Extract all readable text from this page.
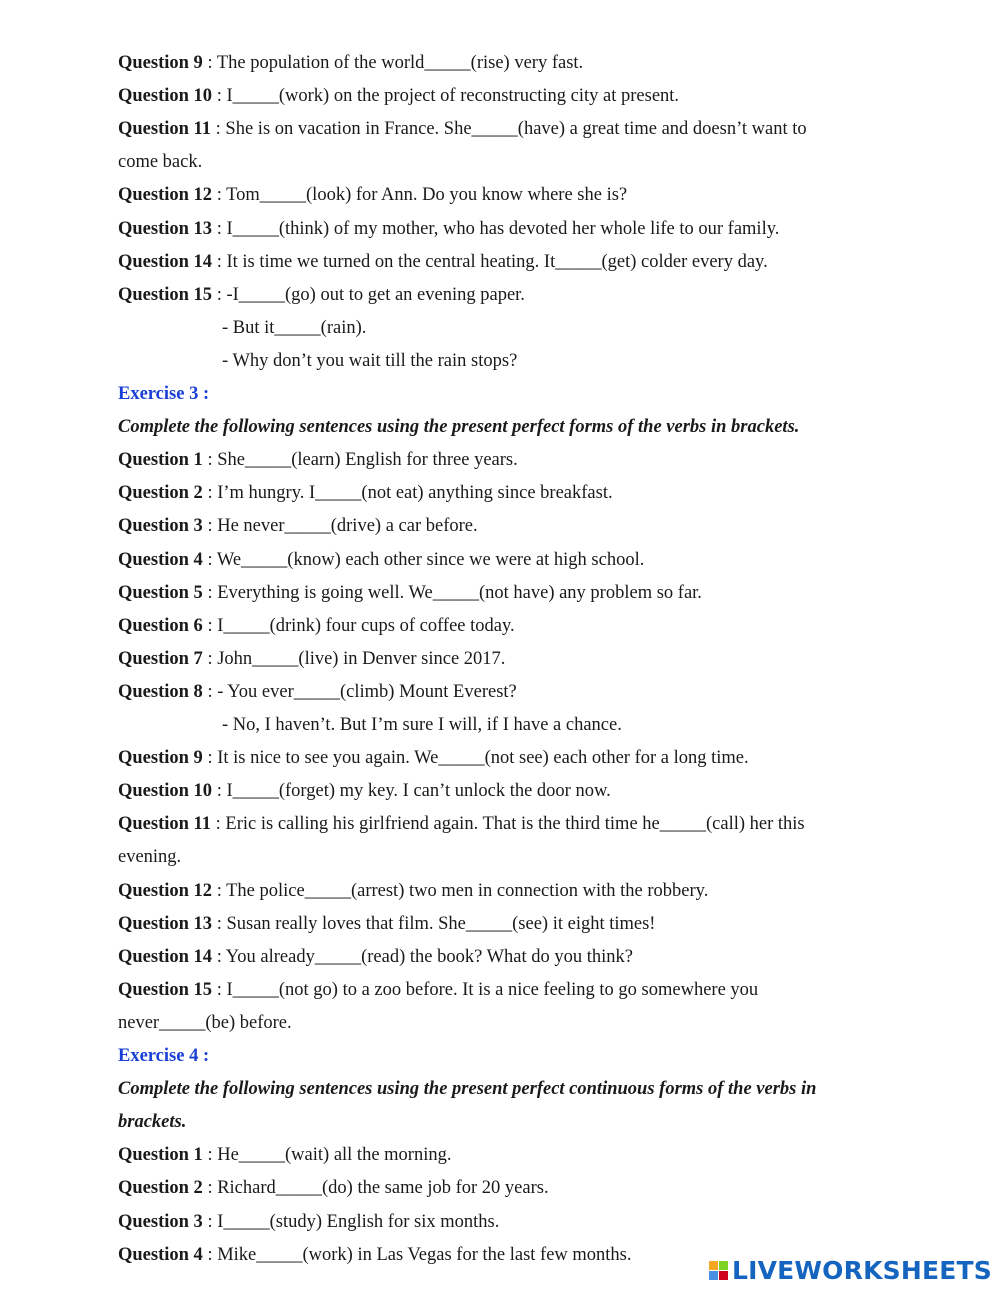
Question 9 : The population of the world_____(rise) very fast.
Question 10 : I_____(work) on the project of reconstructing city at present.
Question 11 : She is on vacation in France. She_____(have) a great time and doesn’t want to
come back.
Question 12 : Tom_____(look) for Ann. Do you know where she is?
Question 13 : I_____(think) of my mother, who has devoted her whole life to our family.
Question 14 : It is time we turned on the central heating. It_____(get) colder every day.
Question 15 : -I_____(go) out to get an evening paper.
- But it_____(rain).
- Why don’t you wait till the rain stops?
Exercise 3 :
Complete the following sentences using the present perfect forms of the verbs in brackets.
Question 1 : She_____(learn) English for three years.
Question 2 : I’m hungry. I_____(not eat) anything since breakfast.
Question 3 : He never_____(drive) a car before.
Question 4 : We_____(know) each other since we were at high school.
Question 5 : Everything is going well. We_____(not have) any problem so far.
Question 6 : I_____(drink) four cups of coffee today.
Question 7 : John_____(live) in Denver since 2017.
Question 8 : - You ever_____(climb) Mount Everest?
- No, I haven’t. But I’m sure I will, if I have a chance.
Question 9 : It is nice to see you again. We_____(not see) each other for a long time.
Question 10 : I_____(forget) my key. I can’t unlock the door now.
Question 11 : Eric is calling his girlfriend again. That is the third time he_____(call) her this
evening.
Question 12 : The police_____(arrest) two men in connection with the robbery.
Question 13 : Susan really loves that film. She_____(see) it eight times!
Question 14 : You already_____(read) the book? What do you think?
Question 15 : I_____(not go) to a zoo before. It is a nice feeling to go somewhere you
never_____(be) before.
Exercise 4 :
Complete the following sentences using the present perfect continuous forms of the verbs in
brackets.
Question 1 : He_____(wait) all the morning.
Question 2 : Richard_____(do) the same job for 20 years.
Question 3 : I_____(study) English for six months.
Question 4 : Mike_____(work) in Las Vegas for the last few months.
LIVEWORKSHEETS
